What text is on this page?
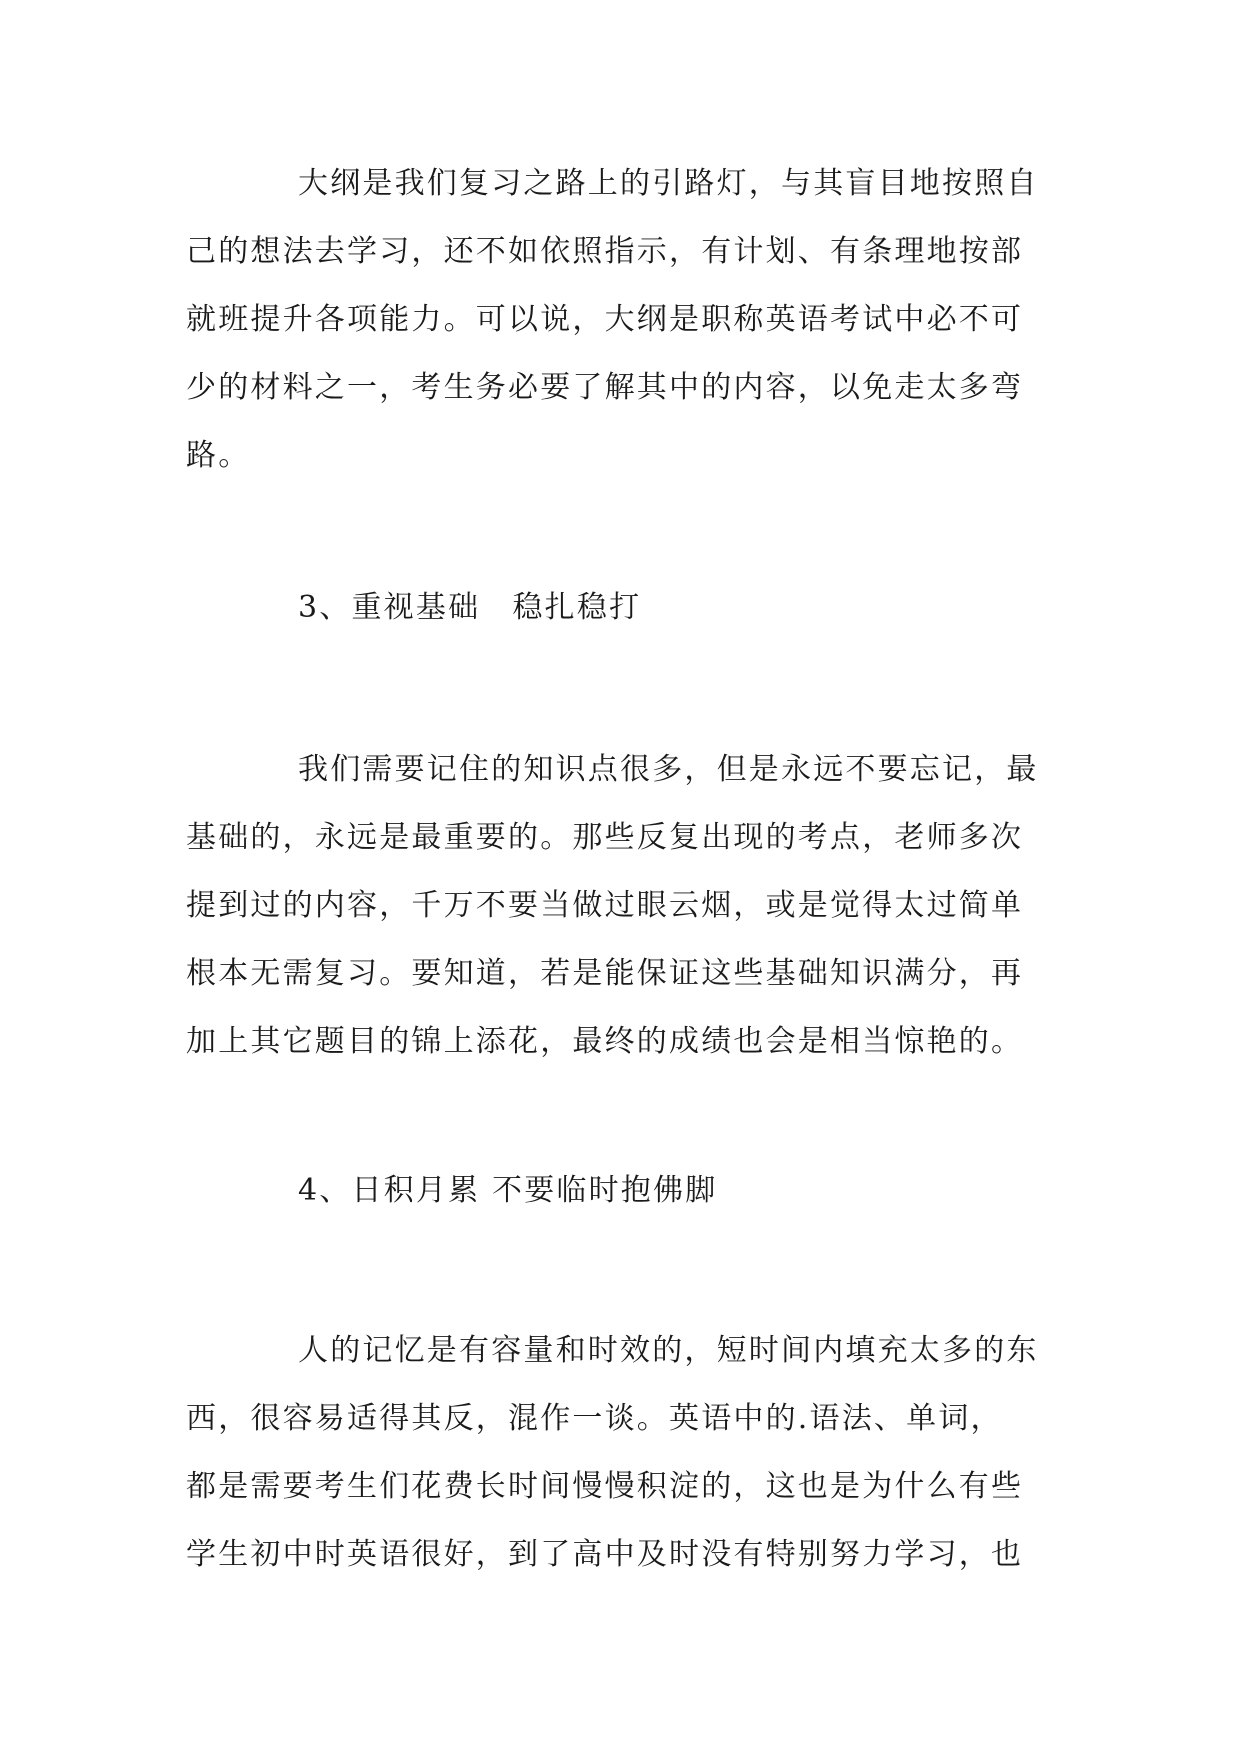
大纲是我们复习之路上的引路灯，与其盲目地按照自
己的想法去学习，还不如依照指示，有计划、有条理地按部
就班提升各项能力。可以说，大纲是职称英语考试中必不可
少的材料之一，考生务必要了解其中的内容，以免走太多弯
路。
3、重视基础　稳扎稳打
我们需要记住的知识点很多，但是永远不要忘记，最
基础的，永远是最重要的。那些反复出现的考点，老师多次
提到过的内容，千万不要当做过眼云烟，或是觉得太过简单
根本无需复习。要知道，若是能保证这些基础知识满分，再
加上其它题目的锦上添花，最终的成绩也会是相当惊艳的。
4、日积月累 不要临时抱佛脚
人的记忆是有容量和时效的，短时间内填充太多的东
西，很容易适得其反，混作一谈。英语中的.语法、单词，
都是需要考生们花费长时间慢慢积淀的，这也是为什么有些
学生初中时英语很好，到了高中及时没有特别努力学习，也
